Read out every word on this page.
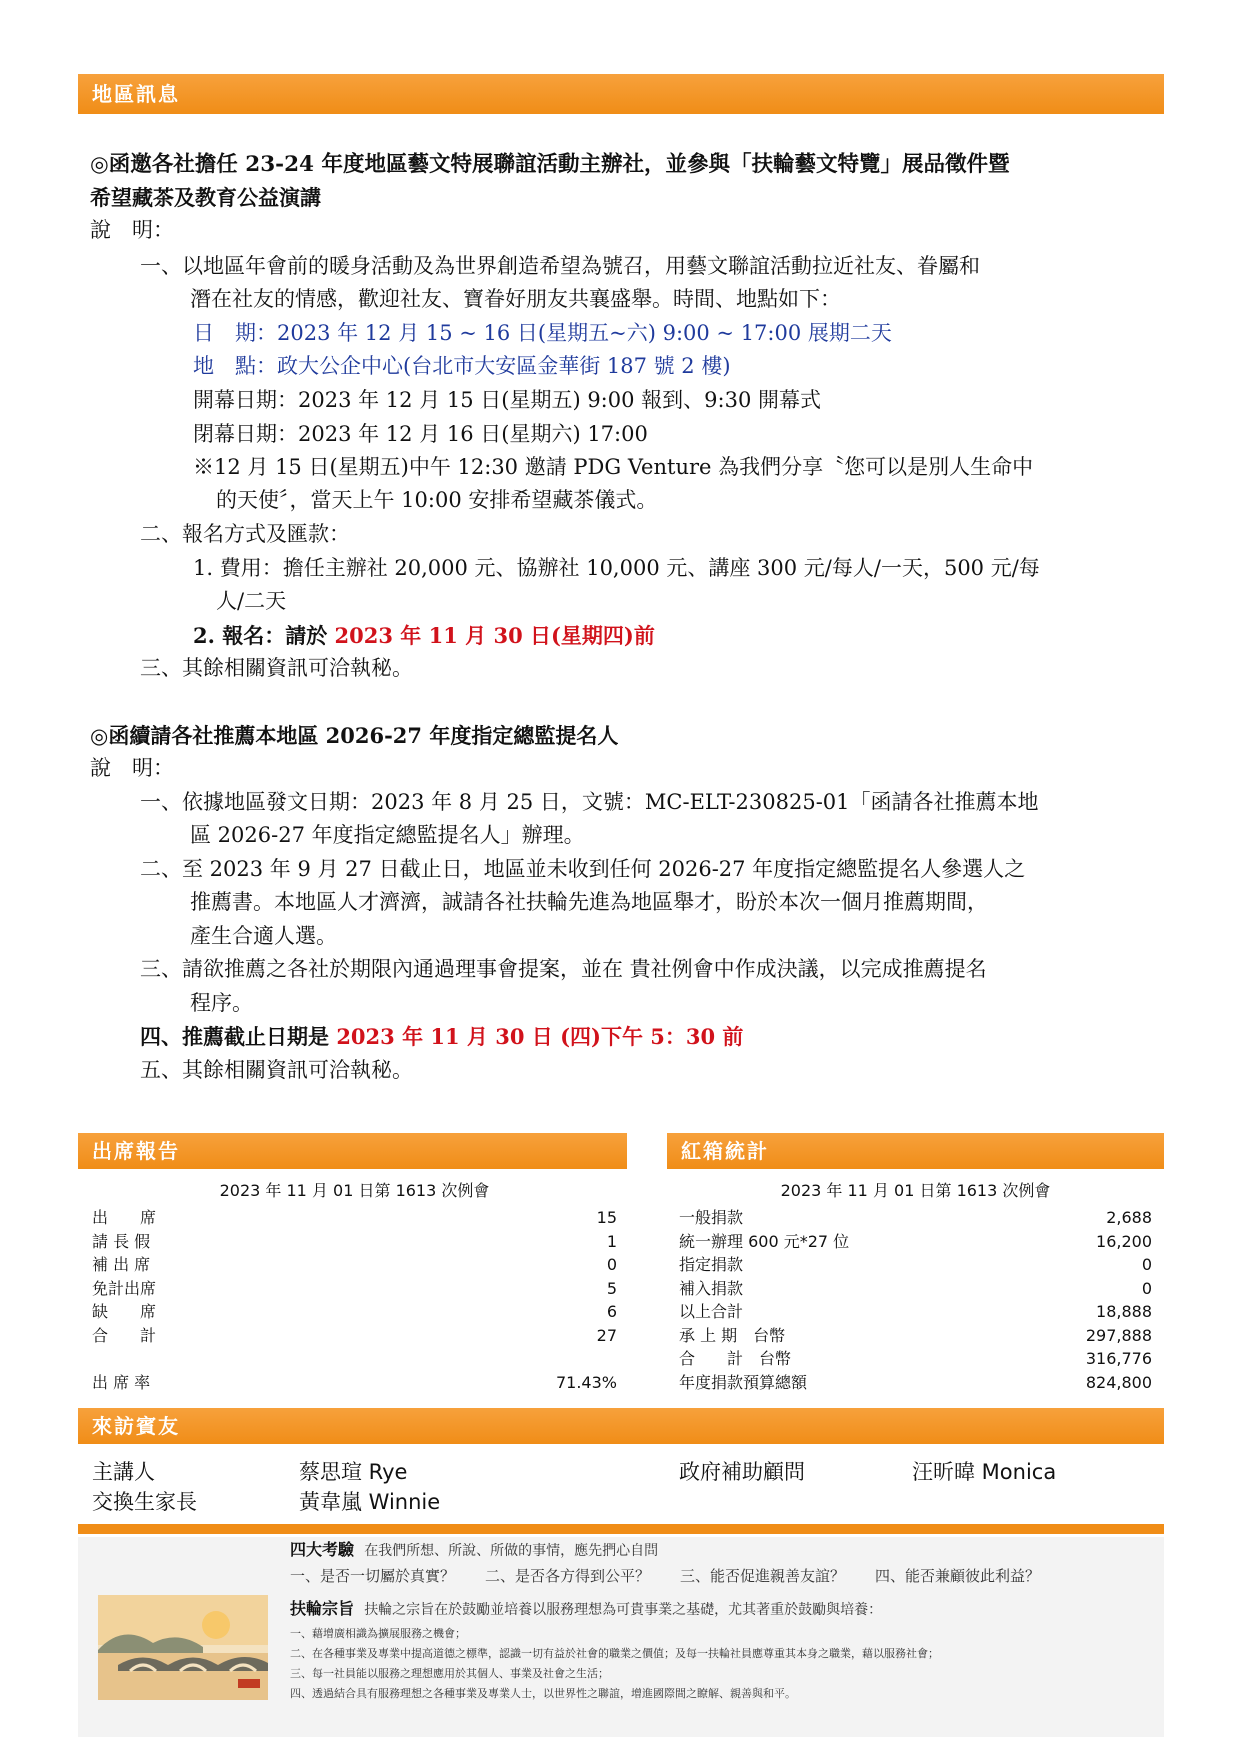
地區訊息
◎函邀各社擔任 23-24 年度地區藝文特展聯誼活動主辦社，並參與「扶輪藝文特覽」展品徵件暨
希望藏茶及教育公益演講
說　明：
一、以地區年會前的暖身活動及為世界創造希望為號召，用藝文聯誼活動拉近社友、眷屬和
潛在社友的情感，歡迎社友、寶眷好朋友共襄盛舉。時間、地點如下：
日　期：2023 年 12 月 15 ~ 16 日(星期五~六) 9:00 ~ 17:00 展期二天
地　點：政大公企中心(台北市大安區金華街 187 號 2 樓)
開幕日期：2023 年 12 月 15 日(星期五) 9:00 報到、9:30 開幕式
閉幕日期：2023 年 12 月 16 日(星期六) 17:00
※12 月 15 日(星期五)中午 12:30 邀請 PDG Venture 為我們分享〝您可以是別人生命中
的天使〞，當天上午 10:00 安排希望藏茶儀式。
二、報名方式及匯款：
1. 費用：擔任主辦社 20,000 元、協辦社 10,000 元、講座 300 元/每人/一天，500 元/每
人/二天
2. 報名：請於 2023 年 11 月 30 日(星期四)前
三、其餘相關資訊可洽執秘。
◎函續請各社推薦本地區 2026-27 年度指定總監提名人
說　明：
一、依據地區發文日期：2023 年 8 月 25 日，文號：MC-ELT-230825-01「函請各社推薦本地
區 2026-27 年度指定總監提名人」辦理。
二、至 2023 年 9 月 27 日截止日，地區並未收到任何 2026-27 年度指定總監提名人參選人之
推薦書。本地區人才濟濟，誠請各社扶輪先進為地區舉才，盼於本次一個月推薦期間，
產生合適人選。
三、請欲推薦之各社於期限內通過理事會提案，並在 貴社例會中作成決議，以完成推薦提名
程序。
四、推薦截止日期是 2023 年 11 月 30 日 (四)下午 5：30 前
五、其餘相關資訊可洽執秘。
出席報告
2023 年 11 月 01 日第 1613 次例會
出　　席	15
請 長 假	1
補 出 席	0
免計出席	5
缺　　席	6
合　　計	27
出 席 率	71.43%
紅箱統計
2023 年 11 月 01 日第 1613 次例會
一般捐款	2,688
統一辦理 600 元*27 位	16,200
指定捐款	0
補入捐款	0
以上合計	18,888
承 上 期　台幣	297,888
合　　計　台幣	316,776
年度捐款預算總額	824,800
來訪賓友
主講人	蔡思瑄 Rye	政府補助顧問	汪昕暐 Monica
交換生家長	黃韋嵐 Winnie
四大考驗 在我們所想、所說、所做的事情，應先捫心自問
一、是否一切屬於真實？　　二、是否各方得到公平？　　三、能否促進親善友誼？　　四、能否兼顧彼此利益？
扶輪宗旨 扶輪之宗旨在於鼓勵並培養以服務理想為可貴事業之基礎，尤其著重於鼓勵與培養：
一、藉增廣相識為擴展服務之機會；
二、在各種事業及專業中提高道德之標準，認識一切有益於社會的職業之價值；及每一扶輪社員應尊重其本身之職業，藉以服務社會；
三、每一社員能以服務之理想應用於其個人、事業及社會之生活；
四、透過結合具有服務理想之各種事業及專業人士，以世界性之聯誼，增進國際間之瞭解、親善與和平。
